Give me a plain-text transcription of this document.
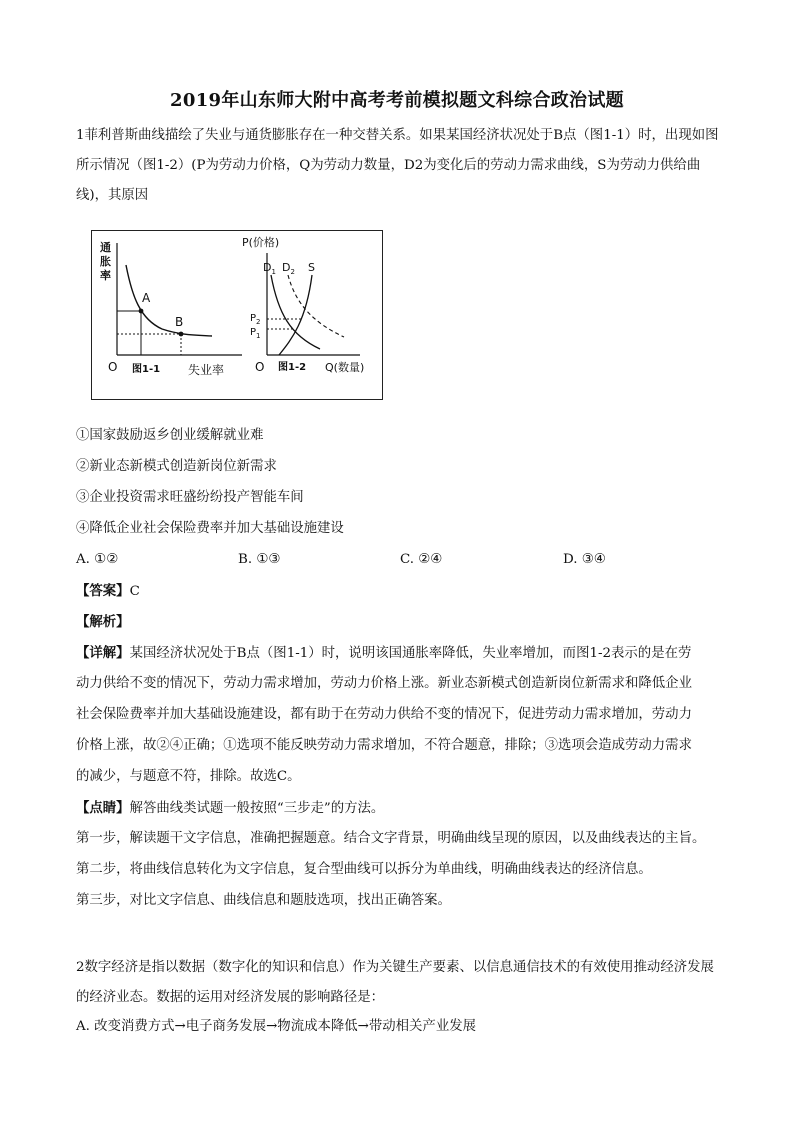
2019年山东师大附中高考考前模拟题文科综合政治试题

1菲利普斯曲线描绘了失业与通货膨胀存在一种交替关系。如果某国经济状况处于B点（图1-1）时，出现如图所示情况（图1-2）(P为劳动力价格，Q为劳动力数量，D2为变化后的劳动力需求曲线，S为劳动力供给曲线)，其原因

通
胀
率
A
B
O 图1-1 失业率
P(价格)
$D_1$ $D_2$ S
$P_2$
$P_1$
O 图1-2 Q(数量)
①国家鼓励返乡创业缓解就业难
②新业态新模式创造新岗位新需求
③企业投资需求旺盛纷纷投产智能车间
④降低企业社会保险费率并加大基础设施建设
A. ①②	B. ①③	C. ②④	D. ③④
【答案】C
【解析】
【详解】某国经济状况处于B点（图1-1）时，说明该国通胀率降低，失业率增加，而图1-2表示的是在劳
动力供给不变的情况下，劳动力需求增加，劳动力价格上涨。新业态新模式创造新岗位新需求和降低企业
社会保险费率并加大基础设施建设，都有助于在劳动力供给不变的情况下，促进劳动力需求增加，劳动力
价格上涨，故②④正确；①选项不能反映劳动力需求增加，不符合题意，排除；③选项会造成劳动力需求
的减少，与题意不符，排除。故选C。
【点睛】解答曲线类试题一般按照“三步走”的方法。
第一步，解读题干文字信息，准确把握题意。结合文字背景，明确曲线呈现的原因，以及曲线表达的主旨。
第二步，将曲线信息转化为文字信息，复合型曲线可以拆分为单曲线，明确曲线表达的经济信息。
第三步，对比文字信息、曲线信息和题肢选项，找出正确答案。

2数字经济是指以数据（数字化的知识和信息）作为关键生产要素、以信息通信技术的有效使用推动经济发展的经济业态。数据的运用对经济发展的影响路径是：

A. 改变消费方式→电子商务发展→物流成本降低→带动相关产业发展
